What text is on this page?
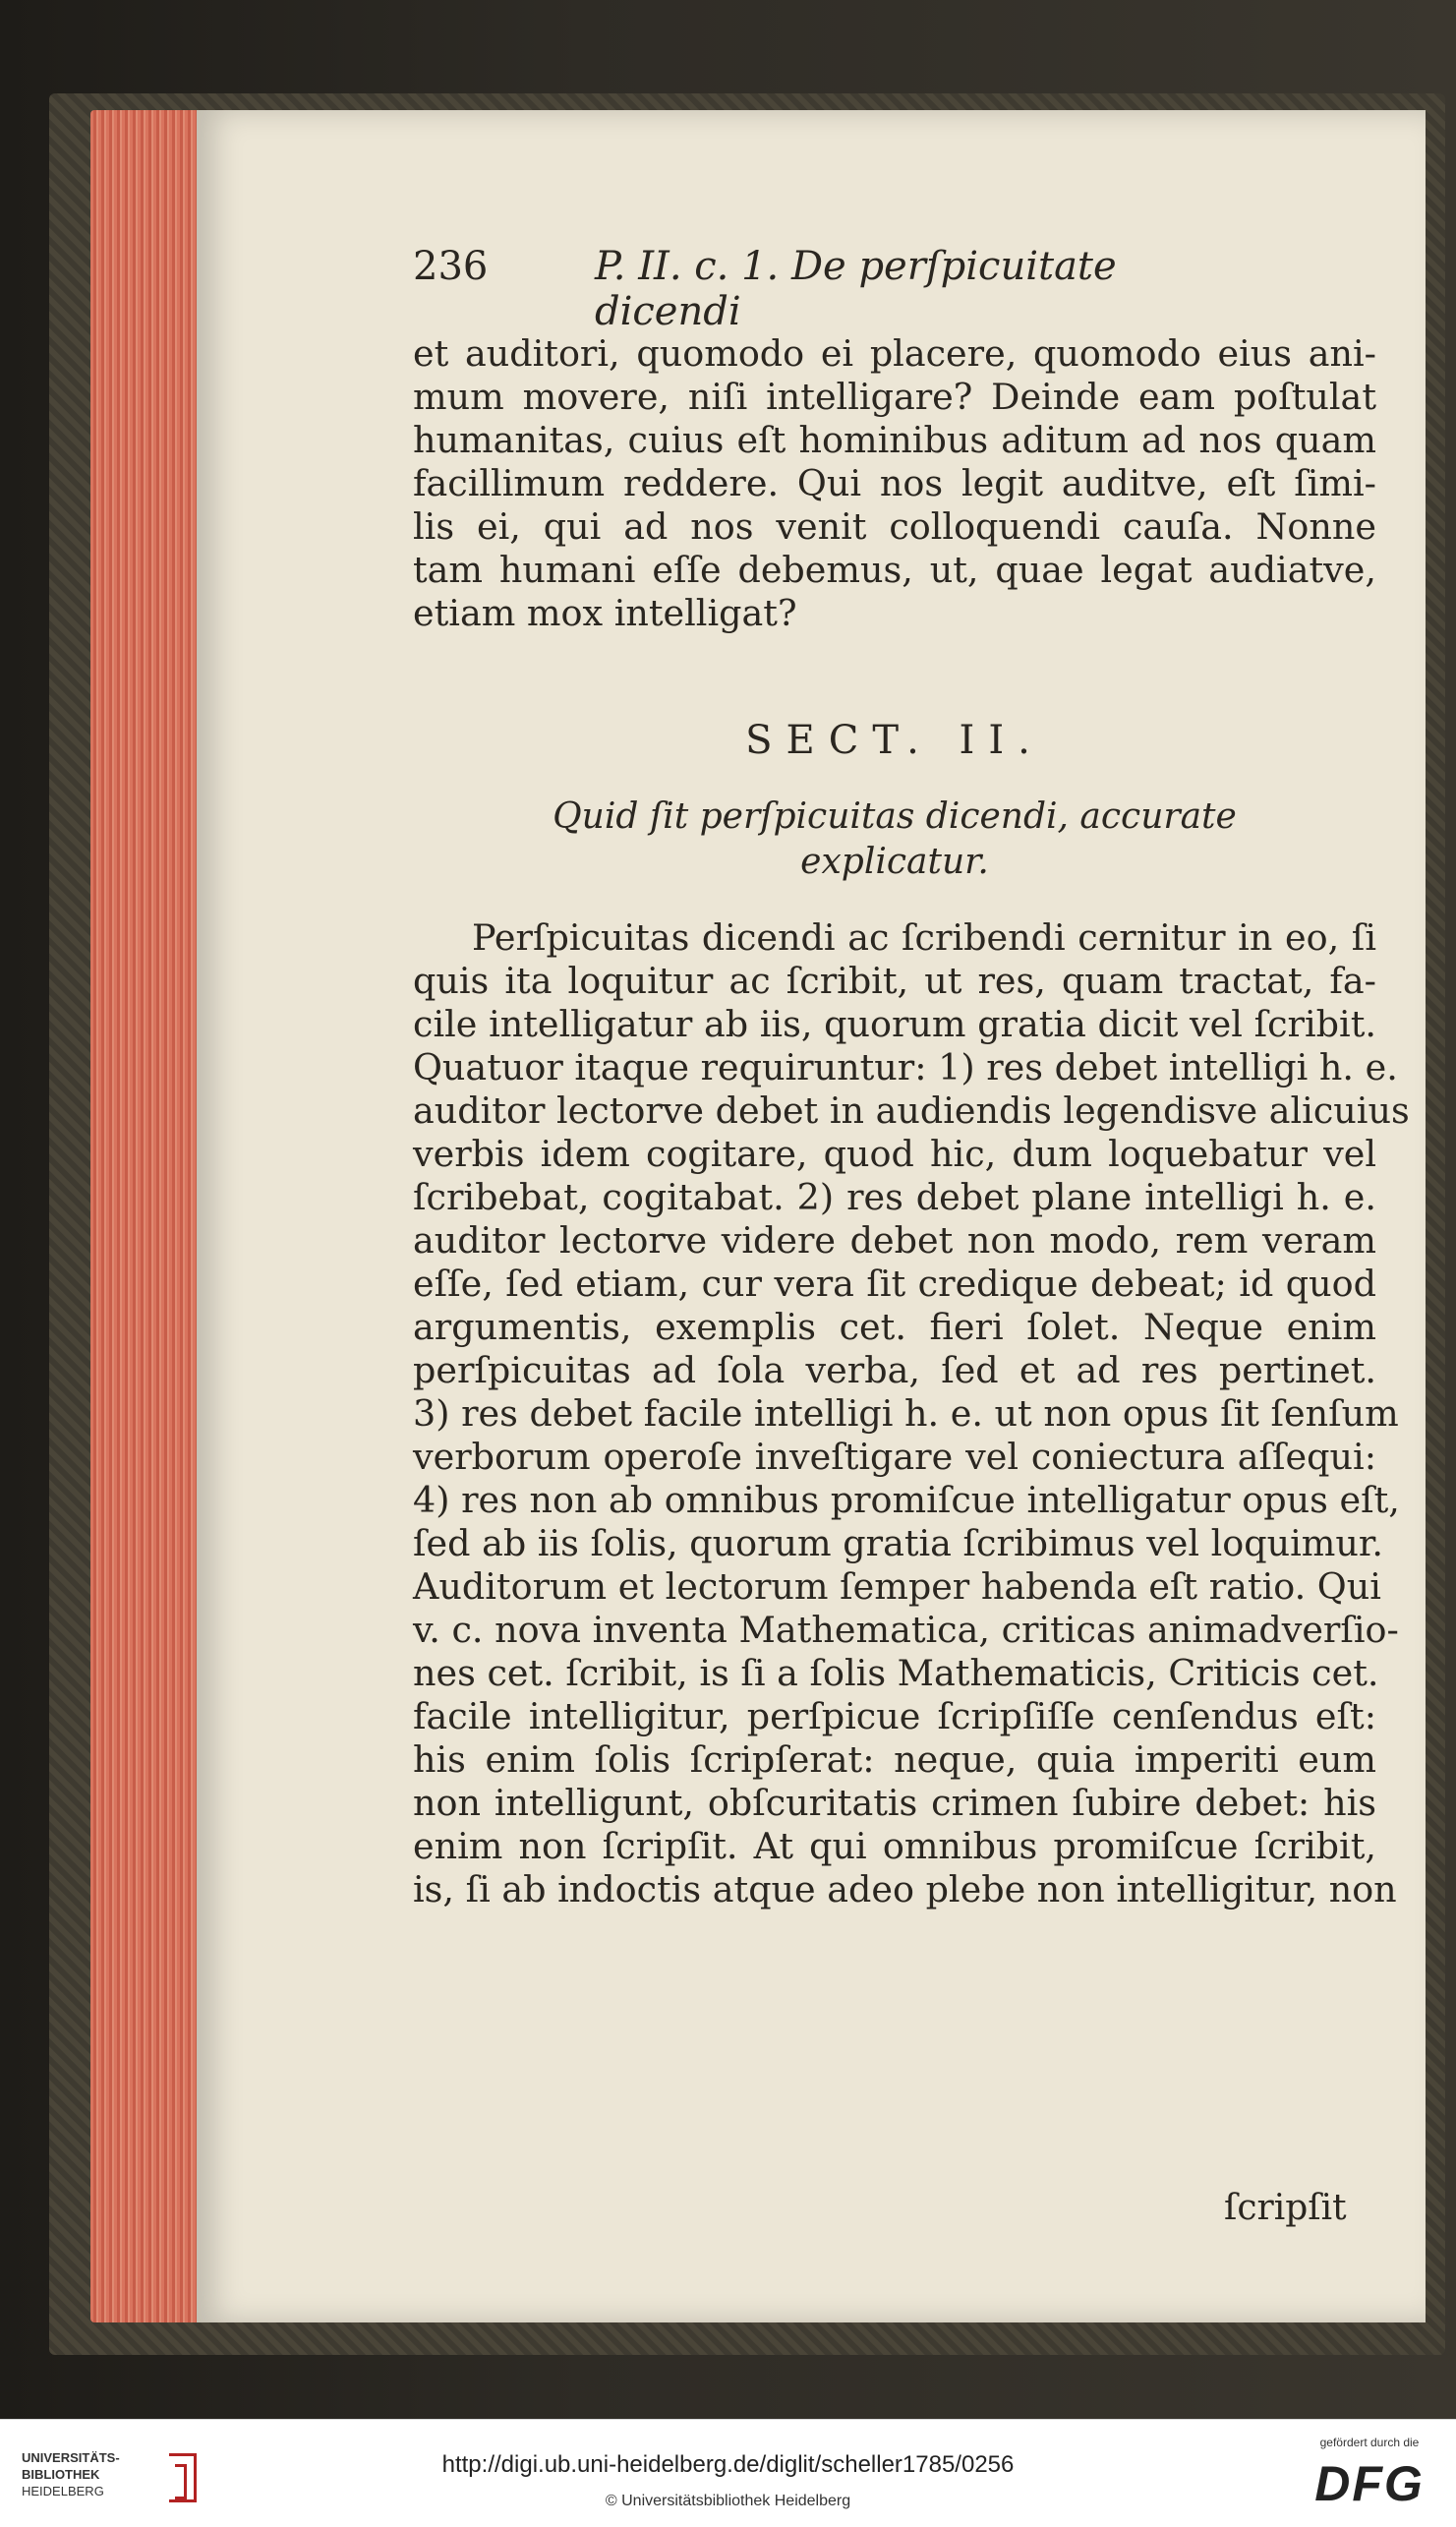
236	P. II. c. 1. De perſpicuitate dicendi
et auditori, quomodo ei placere, quomodo eius ani-
mum movere, niſi intelligare? Deinde eam poſtulat
humanitas, cuius eſt hominibus aditum ad nos quam
facillimum reddere. Qui nos legit auditve, eſt ſimi-
lis ei, qui ad nos venit colloquendi cauſa. Nonne
tam humani eſſe debemus, ut, quae legat audiatve,
etiam mox intelligat?
SECT. II.
Quid ſit perſpicuitas dicendi, accurate
explicatur.
Perſpicuitas dicendi ac ſcribendi cernitur in eo, ſi
quis ita loquitur ac ſcribit, ut res, quam tractat, fa-
cile intelligatur ab iis, quorum gratia dicit vel ſcribit.
Quatuor itaque requiruntur: 1) res debet intelligi h. e.
auditor lectorve debet in audiendis legendisve alicuius
verbis idem cogitare, quod hic, dum loquebatur vel
ſcribebat, cogitabat. 2) res debet plane intelligi h. e.
auditor lectorve videre debet non modo, rem veram
eſſe, ſed etiam, cur vera ſit credique debeat; id quod
argumentis, exemplis cet. fieri ſolet. Neque enim
perſpicuitas ad ſola verba, ſed et ad res pertinet.
3) res debet facile intelligi h. e. ut non opus ſit ſenſum
verborum operoſe inveſtigare vel coniectura aſſequi:
4) res non ab omnibus promiſcue intelligatur opus eſt,
ſed ab iis ſolis, quorum gratia ſcribimus vel loquimur.
Auditorum et lectorum ſemper habenda eſt ratio. Qui
v. c. nova inventa Mathematica, criticas animadverſio-
nes cet. ſcribit, is ſi a ſolis Mathematicis, Criticis cet.
facile intelligitur, perſpicue ſcripſiſſe cenſendus eſt:
his enim ſolis ſcripſerat: neque, quia imperiti eum
non intelligunt, obſcuritatis crimen ſubire debet: his
enim non ſcripſit. At qui omnibus promiſcue ſcribit,
is, ſi ab indoctis atque adeo plebe non intelligitur, non
ſcripſit
UNIVERSITÄTS-
BIBLIOTHEK
HEIDELBERG
http://digi.ub.uni-heidelberg.de/diglit/scheller1785/0256
© Universitätsbibliothek Heidelberg
gefördert durch die
DFG
